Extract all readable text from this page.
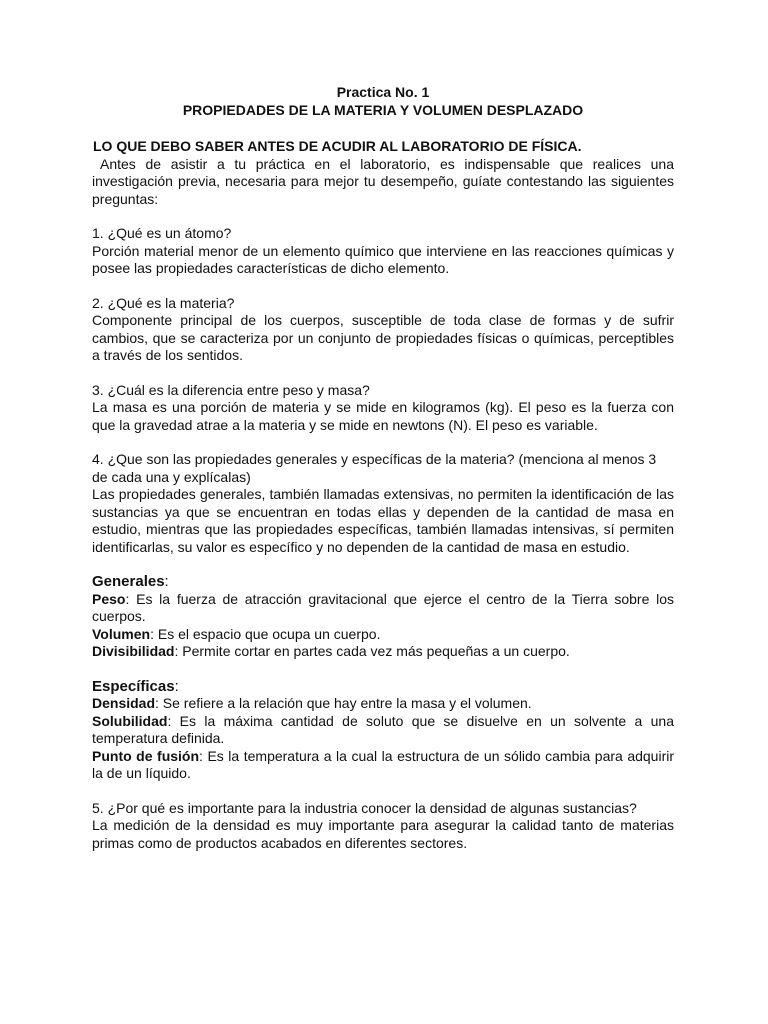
Practica No. 1
PROPIEDADES DE LA MATERIA Y VOLUMEN DESPLAZADO
LO QUE DEBO SABER ANTES DE ACUDIR AL LABORATORIO DE FÍSICA.
Antes de asistir a tu práctica en el laboratorio, es indispensable que realices una investigación previa, necesaria para mejor tu desempeño, guíate contestando las siguientes preguntas:
1. ¿Qué es un átomo?
Porción material menor de un elemento químico que interviene en las reacciones químicas y posee las propiedades características de dicho elemento.
2. ¿Qué es la materia?
Componente principal de los cuerpos, susceptible de toda clase de formas y de sufrir cambios, que se caracteriza por un conjunto de propiedades físicas o químicas, perceptibles a través de los sentidos.
3. ¿Cuál es la diferencia entre peso y masa?
La masa es una porción de materia y se mide en kilogramos (kg). El peso es la fuerza con que la gravedad atrae a la materia y se mide en newtons (N). El peso es variable.
4. ¿Que son las propiedades generales y específicas de la materia? (menciona al menos 3 de cada una y explícalas)
Las propiedades generales, también llamadas extensivas, no permiten la identificación de las sustancias ya que se encuentran en todas ellas y dependen de la cantidad de masa en estudio, mientras que las propiedades específicas, también llamadas intensivas, sí permiten identificarlas, su valor es específico y no dependen de la cantidad de masa en estudio.
Generales:
Peso: Es la fuerza de atracción gravitacional que ejerce el centro de la Tierra sobre los cuerpos.
Volumen: Es el espacio que ocupa un cuerpo.
Divisibilidad: Permite cortar en partes cada vez más pequeñas a un cuerpo.
Específicas:
Densidad: Se refiere a la relación que hay entre la masa y el volumen.
Solubilidad: Es la máxima cantidad de soluto que se disuelve en un solvente a una temperatura definida.
Punto de fusión: Es la temperatura a la cual la estructura de un sólido cambia para adquirir la de un líquido.
5. ¿Por qué es importante para la industria conocer la densidad de algunas sustancias?
La medición de la densidad es muy importante para asegurar la calidad tanto de materias primas como de productos acabados en diferentes sectores.
